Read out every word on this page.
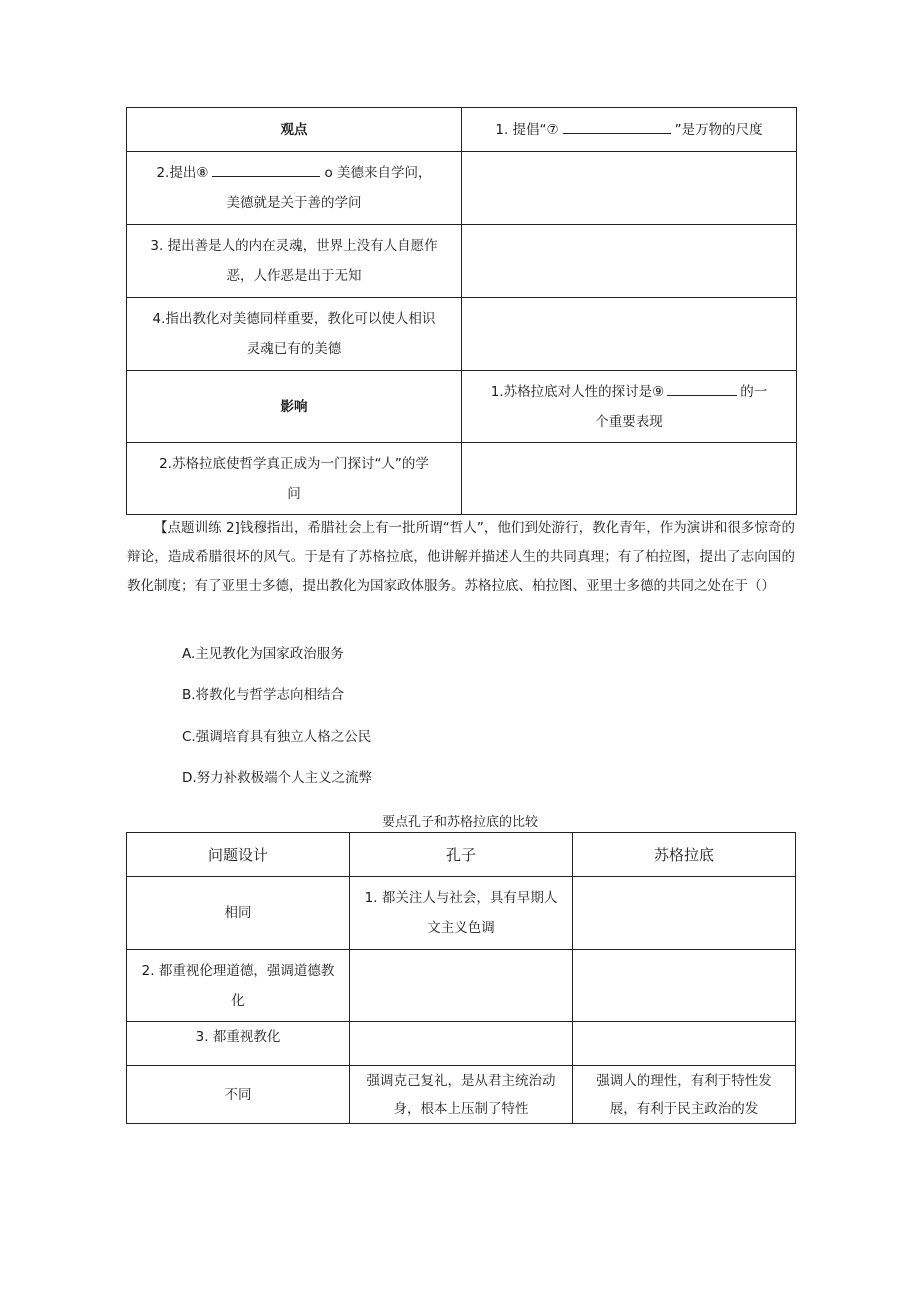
观点	1. 提倡“⑦ ”是万物的尺度

2.提出⑧ o 美德来自学问，
美德就是关于善的学问	

3. 提出善是人的内在灵魂，世界上没有人自愿作
恶，人作恶是出于无知	

4.指出教化对美德同样重要，教化可以使人相识
灵魂已有的美德	

影响	1.苏格拉底对人性的探讨是⑨ 的一
个重要表现

2.苏格拉底使哲学真正成为一门探讨“人”的学
问	

【点题训练 2]钱穆指出，希腊社会上有一批所谓“哲人”，他们到处游行，教化青年，作为演讲和很多惊奇的辩论，造成希腊很坏的风气。于是有了苏格拉底，他讲解并描述人生的共同真理；有了柏拉图，提出了志向国的教化制度；有了亚里士多德，提出教化为国家政体服务。苏格拉底、柏拉图、亚里士多德的共同之处在于（）
A.主见教化为国家政治服务
B.将教化与哲学志向相结合
C.强调培育具有独立人格之公民
D.努力补救极端个人主义之流弊
要点孔子和苏格拉底的比较
问题设计	孔子	苏格拉底
相同	1. 都关注人与社会，具有早期人
文主义色调	

2. 都重视伦理道德，强调道德教
化		

3. 都重视教化		
不同	强调克己复礼，是从君主统治动
身，根本上压制了特性	强调人的理性，有利于特性发
展，有利于民主政治的发
